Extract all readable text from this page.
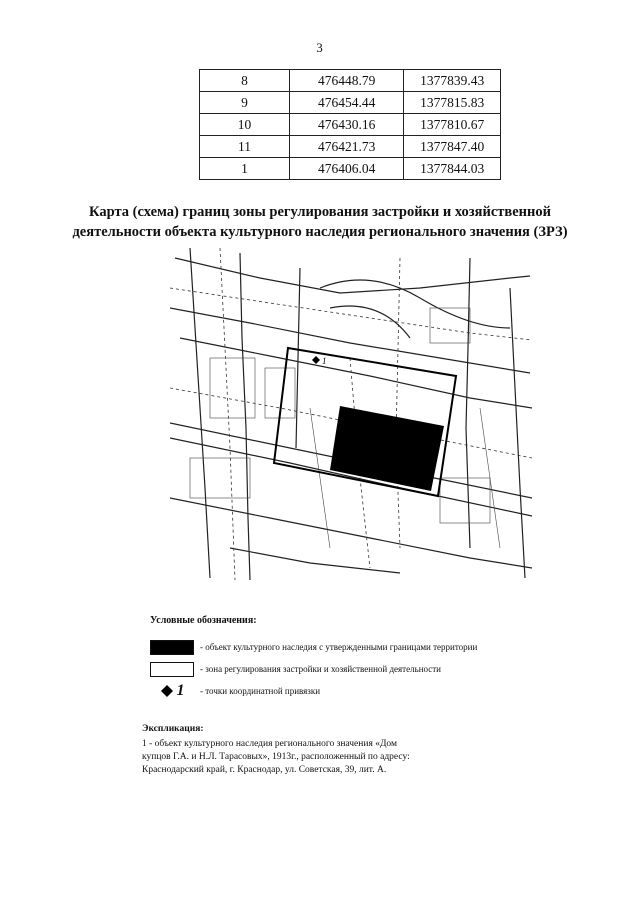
3
8	476448.79	1377839.43
9	476454.44	1377815.83
10	476430.16	1377810.67
11	476421.73	1377847.40
1	476406.04	1377844.03
Карта (схема) границ зоны регулирования застройки и хозяйственной
деятельности объекта культурного наследия регионального значения (ЗРЗ)
1
Условные обозначения:
- объект культурного наследия с утвержденными границами территории
- зона регулирования застройки и хозяйственной деятельности
1 - точки координатной привязки
Экспликация:
1 - объект культурного наследия регионального значения «Дом
купцов Г.А. и Н.Л. Тарасовых», 1913г., расположенный по адресу:
Краснодарский край, г. Краснодар, ул. Советская, 39, лит. А.
